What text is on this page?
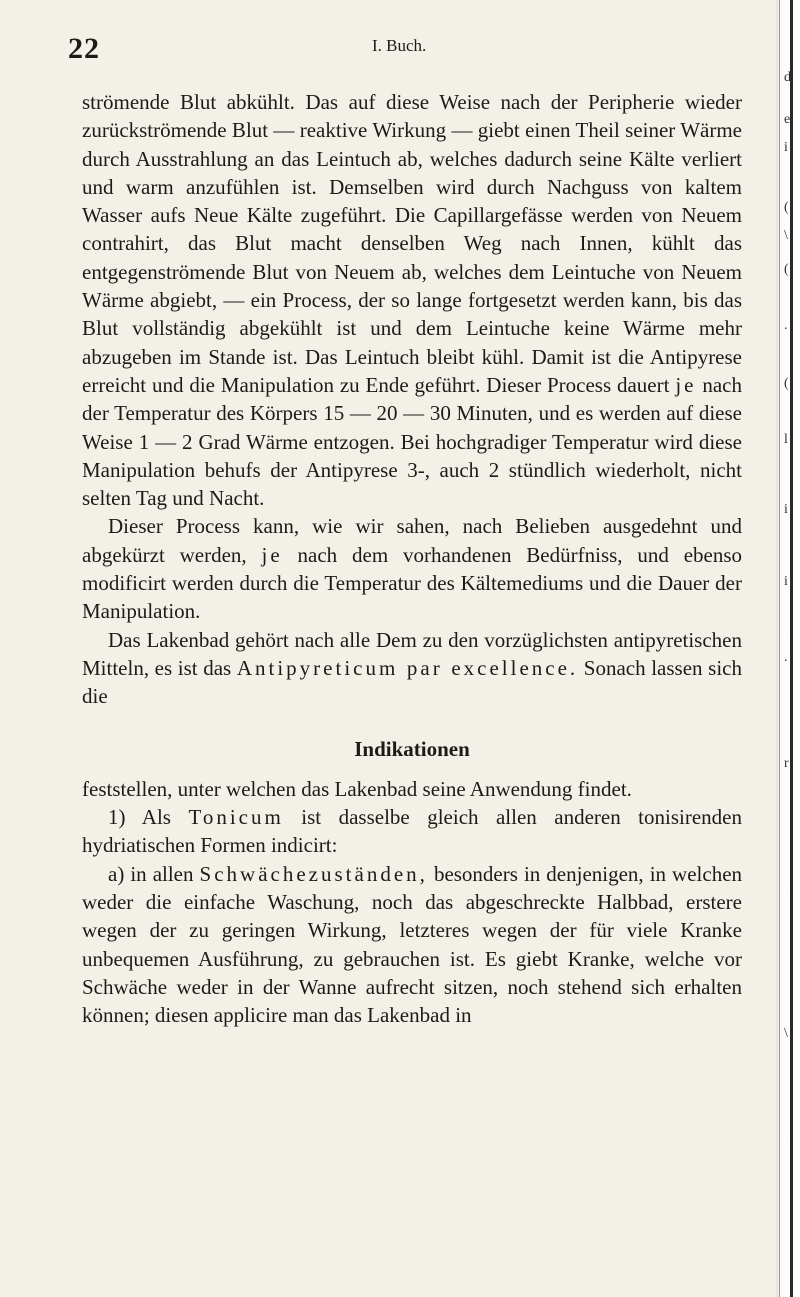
22	I. Buch.

strömende Blut abkühlt. Das auf diese Weise nach der Peripherie wieder zurückströmende Blut — reaktive Wirkung — giebt einen Theil seiner Wärme durch Ausstrahlung an das Leintuch ab, welches dadurch seine Kälte verliert und warm anzufühlen ist. Demselben wird durch Nachguss von kaltem Wasser aufs Neue Kälte zugeführt. Die Capillargefässe werden von Neuem contrahirt, das Blut macht denselben Weg nach Innen, kühlt das entgegenströmende Blut von Neuem ab, welches dem Leintuche von Neuem Wärme abgiebt, — ein Process, der so lange fortgesetzt werden kann, bis das Blut vollständig abgekühlt ist und dem Leintuche keine Wärme mehr abzugeben im Stande ist. Das Leintuch bleibt kühl. Damit ist die Antipyrese erreicht und die Manipulation zu Ende geführt. Dieser Process dauert je nach der Temperatur des Körpers 15 — 20 — 30 Minuten, und es werden auf diese Weise 1 — 2 Grad Wärme entzogen. Bei hochgradiger Temperatur wird diese Manipulation behufs der Antipyrese 3-, auch 2 stündlich wiederholt, nicht selten Tag und Nacht.

Dieser Process kann, wie wir sahen, nach Belieben ausgedehnt und abgekürzt werden, je nach dem vorhandenen Bedürfniss, und ebenso modificirt werden durch die Temperatur des Kältemediums und die Dauer der Manipulation.

Das Lakenbad gehört nach alle Dem zu den vorzüglichsten antipyretischen Mitteln, es ist das Antipyreticum par excellence. Sonach lassen sich die

Indikationen

feststellen, unter welchen das Lakenbad seine Anwendung findet.

1) Als Tonicum ist dasselbe gleich allen anderen tonisirenden hydriatischen Formen indicirt:

a) in allen Schwächezuständen, besonders in denjenigen, in welchen weder die einfache Waschung, noch das abgeschreckte Halbbad, erstere wegen der zu geringen Wirkung, letzteres wegen der für viele Kranke unbequemen Ausführung, zu gebrauchen ist. Es giebt Kranke, welche vor Schwäche weder in der Wanne aufrecht sitzen, noch stehend sich erhalten können; diesen applicire man das Lakenbad in

d
e
i
(
\
(
.
(
l
i
i
.
r
\
